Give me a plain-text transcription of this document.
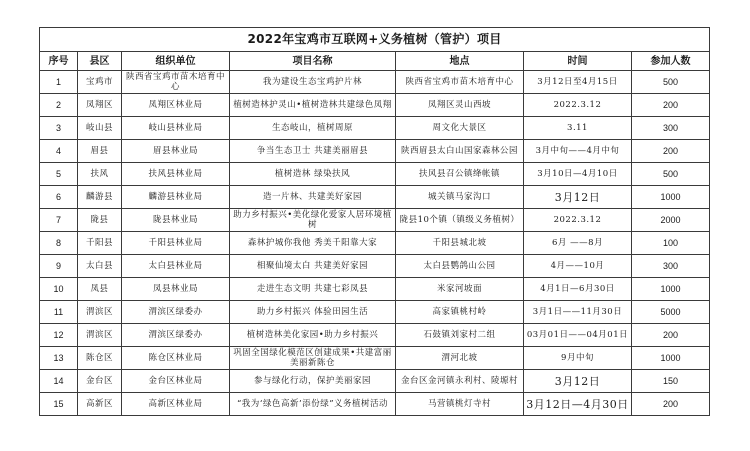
2022年宝鸡市互联网+义务植树（管护）项目						
序号	县区	组织单位	项目名称	地点	时间	参加人数
1	宝鸡市	陕西省宝鸡市苗木培育中心	我为建设生态宝鸡护片林	陕西省宝鸡市苗木培育中心	3月12日至4月15日	500
2	凤翔区	凤翔区林业局	植树造林护灵山•植树造林共建绿色凤翔	凤翔区灵山西坡	2022.3.12	200
3	岐山县	岐山县林业局	生态岐山，植树周原	周文化大景区	3.11	300
4	眉县	眉县林业局	争当生态卫士 共建美丽眉县	陕西眉县太白山国家森林公园	3月中旬——4月中旬	200
5	扶风	扶风县林业局	植树造林 绿染扶风	扶风县召公镇绛帐镇	3月10日—4月10日	500
6	麟游县	麟游县林业局	造一片林、共建美好家园	城关镇马家沟口	3月12日	1000
7	陇县	陇县林业局	助力乡村振兴•美化绿化爱家人居环境植树	陇县10个镇（镇级义务植树）	2022.3.12	2000
8	千阳县	千阳县林业局	森林护城你我他 秀美千阳靠大家	千阳县城北坡	6月 ——8月	100
9	太白县	太白县林业局	相聚仙境太白 共建美好家园	太白县鹦鸽山公园	4月——10月	300
10	凤县	凤县林业局	走进生态文明 共建七彩凤县	米家河坡面	4月1日—6月30日	1000
11	渭滨区	渭滨区绿委办	助力乡村振兴 体验田园生活	高家镇桃村岭	3月1日——11月30日	5000
12	渭滨区	渭滨区绿委办	植树造林美化家园•助力乡村振兴	石鼓镇刘家村二组	03月01日——04月01日	200
13	陈仓区	陈仓区林业局	巩固全国绿化模范区创建成果•共建富丽美丽新陈仓	渭河北坡	9月中旬	1000
14	金台区	金台区林业局	参与绿化行动，保护美丽家园	金台区金河镇永利村、陵塬村	3月12日	150
15	高新区	高新区林业局	“我为‘绿色高新’添份绿”义务植树活动	马营镇桃灯寺村	3月12日—4月30日	200
